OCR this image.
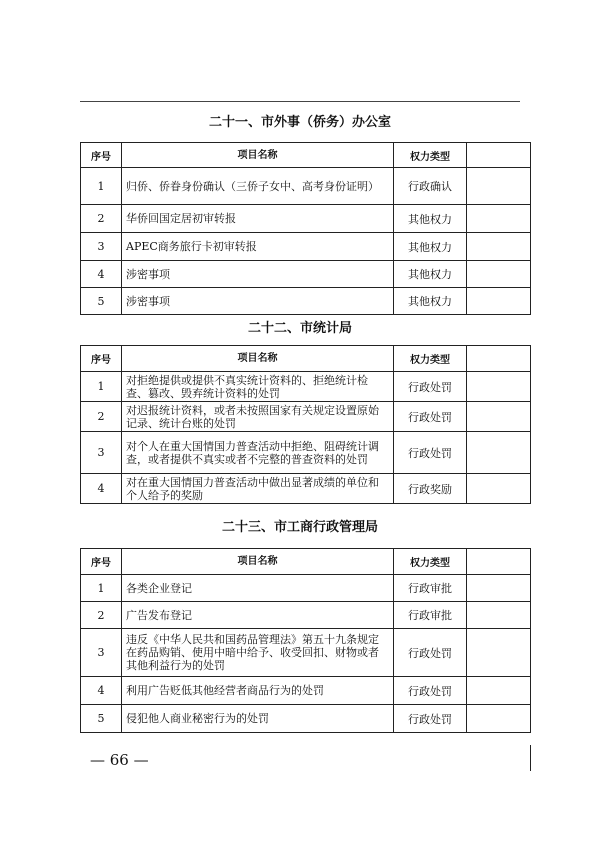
二十一、市外事（侨务）办公室
序号	项目名称	权力类型	
1	归侨、侨眷身份确认（三侨子女中、高考身份证明）	行政确认	
2	华侨回国定居初审转报	其他权力	
3	APEC商务旅行卡初审转报	其他权力	
4	涉密事项	其他权力	
5	涉密事项	其他权力	
二十二、市统计局
序号	项目名称	权力类型	
1	对拒绝提供或提供不真实统计资料的、拒绝统计检查、篡改、毁弃统计资料的处罚	行政处罚	
2	对迟报统计资料，或者未按照国家有关规定设置原始记录、统计台账的处罚	行政处罚	
3	对个人在重大国情国力普查活动中拒绝、阻碍统计调查，或者提供不真实或者不完整的普查资料的处罚	行政处罚	
4	对在重大国情国力普查活动中做出显著成绩的单位和个人给予的奖励	行政奖励	
二十三、市工商行政管理局
序号	项目名称	权力类型	
1	各类企业登记	行政审批	
2	广告发布登记	行政审批	
3	违反《中华人民共和国药品管理法》第五十九条规定在药品购销、使用中暗中给予、收受回扣、财物或者其他利益行为的处罚	行政处罚	
4	利用广告贬低其他经营者商品行为的处罚	行政处罚	
5	侵犯他人商业秘密行为的处罚	行政处罚	
— 66 —
